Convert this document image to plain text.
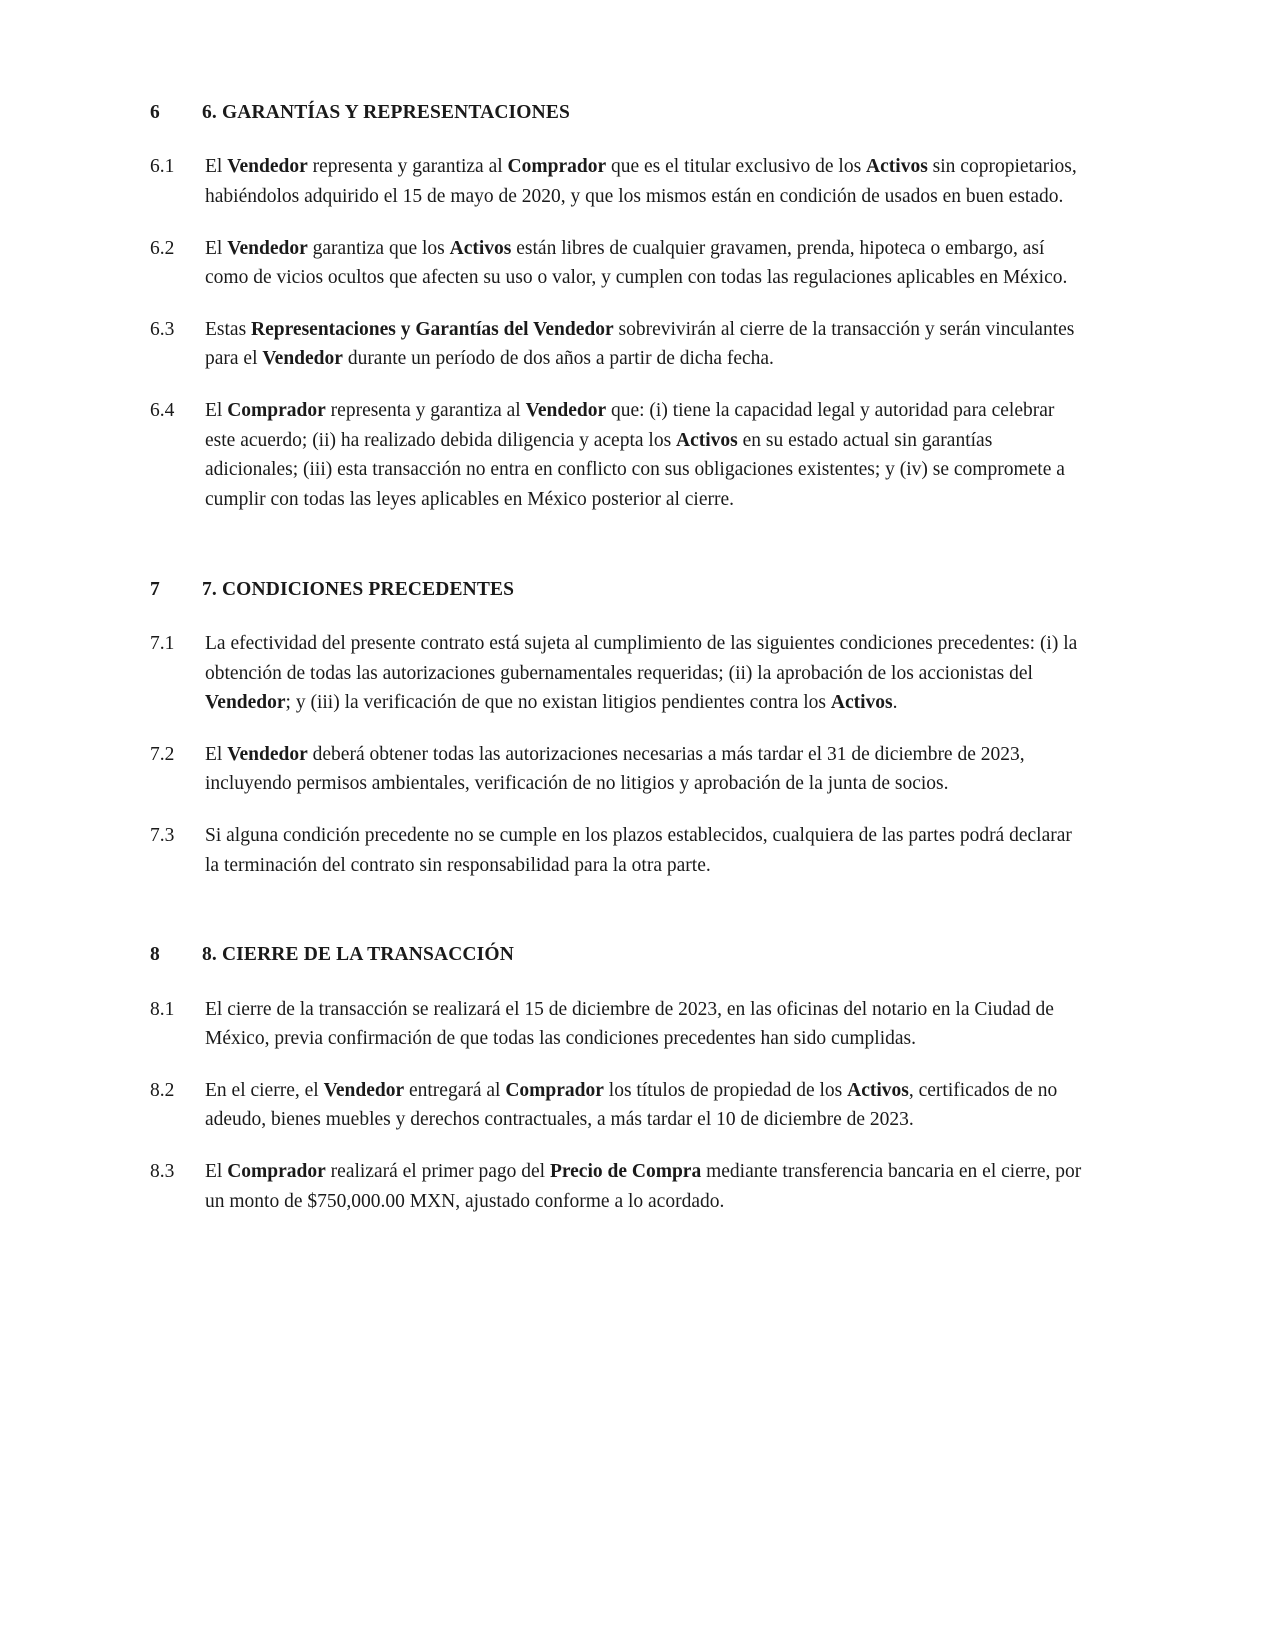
6	6. GARANTÍAS Y REPRESENTACIONES
6.1	El Vendedor representa y garantiza al Comprador que es el titular exclusivo de los Activos sin copropietarios, habiéndolos adquirido el 15 de mayo de 2020, y que los mismos están en condición de usados en buen estado.
6.2	El Vendedor garantiza que los Activos están libres de cualquier gravamen, prenda, hipoteca o embargo, así como de vicios ocultos que afecten su uso o valor, y cumplen con todas las regulaciones aplicables en México.
6.3	Estas Representaciones y Garantías del Vendedor sobrevivirán al cierre de la transacción y serán vinculantes para el Vendedor durante un período de dos años a partir de dicha fecha.
6.4	El Comprador representa y garantiza al Vendedor que: (i) tiene la capacidad legal y autoridad para celebrar este acuerdo; (ii) ha realizado debida diligencia y acepta los Activos en su estado actual sin garantías adicionales; (iii) esta transacción no entra en conflicto con sus obligaciones existentes; y (iv) se compromete a cumplir con todas las leyes aplicables en México posterior al cierre.
7	7. CONDICIONES PRECEDENTES
7.1	La efectividad del presente contrato está sujeta al cumplimiento de las siguientes condiciones precedentes: (i) la obtención de todas las autorizaciones gubernamentales requeridas; (ii) la aprobación de los accionistas del Vendedor; y (iii) la verificación de que no existan litigios pendientes contra los Activos.
7.2	El Vendedor deberá obtener todas las autorizaciones necesarias a más tardar el 31 de diciembre de 2023, incluyendo permisos ambientales, verificación de no litigios y aprobación de la junta de socios.
7.3	Si alguna condición precedente no se cumple en los plazos establecidos, cualquiera de las partes podrá declarar la terminación del contrato sin responsabilidad para la otra parte.
8	8. CIERRE DE LA TRANSACCIÓN
8.1	El cierre de la transacción se realizará el 15 de diciembre de 2023, en las oficinas del notario en la Ciudad de México, previa confirmación de que todas las condiciones precedentes han sido cumplidas.
8.2	En el cierre, el Vendedor entregará al Comprador los títulos de propiedad de los Activos, certificados de no adeudo, bienes muebles y derechos contractuales, a más tardar el 10 de diciembre de 2023.
8.3	El Comprador realizará el primer pago del Precio de Compra mediante transferencia bancaria en el cierre, por un monto de $750,000.00 MXN, ajustado conforme a lo acordado.
